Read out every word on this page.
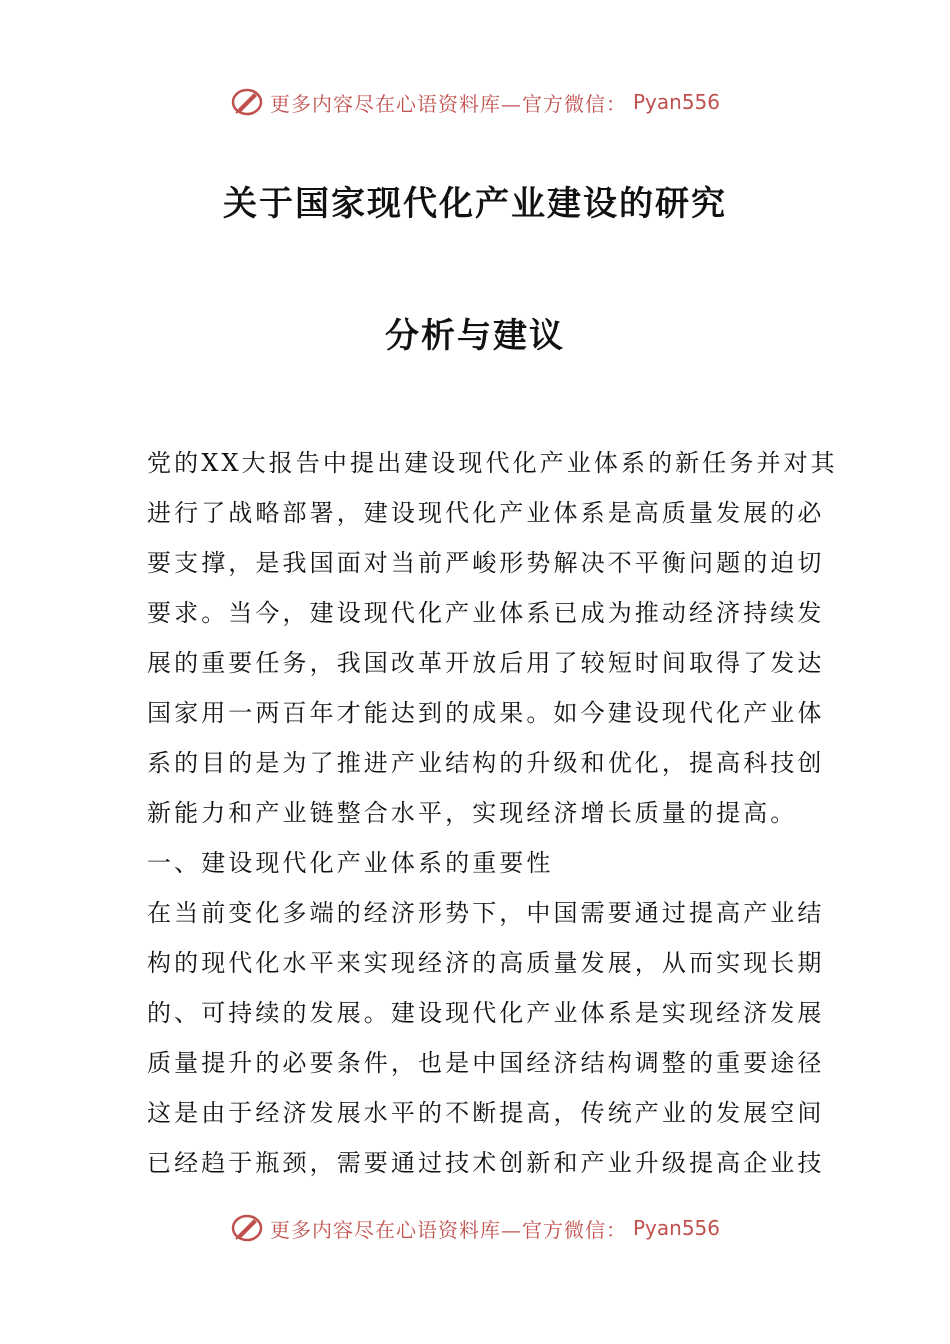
更多内容尽在心语资料库—官方微信： Pyan556
关于国家现代化产业建设的研究
分析与建议
党的XX大报告中提出建设现代化产业体系的新任务并对其
进行了战略部署，建设现代化产业体系是高质量发展的必
要支撑，是我国面对当前严峻形势解决不平衡问题的迫切
要求。当今，建设现代化产业体系已成为推动经济持续发
展的重要任务，我国改革开放后用了较短时间取得了发达
国家用一两百年才能达到的成果。如今建设现代化产业体
系的目的是为了推进产业结构的升级和优化，提高科技创
新能力和产业链整合水平，实现经济增长质量的提高。
一、建设现代化产业体系的重要性
在当前变化多端的经济形势下，中国需要通过提高产业结
构的现代化水平来实现经济的高质量发展，从而实现长期
的、可持续的发展。建设现代化产业体系是实现经济发展
质量提升的必要条件，也是中国经济结构调整的重要途径
这是由于经济发展水平的不断提高，传统产业的发展空间
已经趋于瓶颈，需要通过技术创新和产业升级提高企业技
更多内容尽在心语资料库—官方微信： Pyan556
